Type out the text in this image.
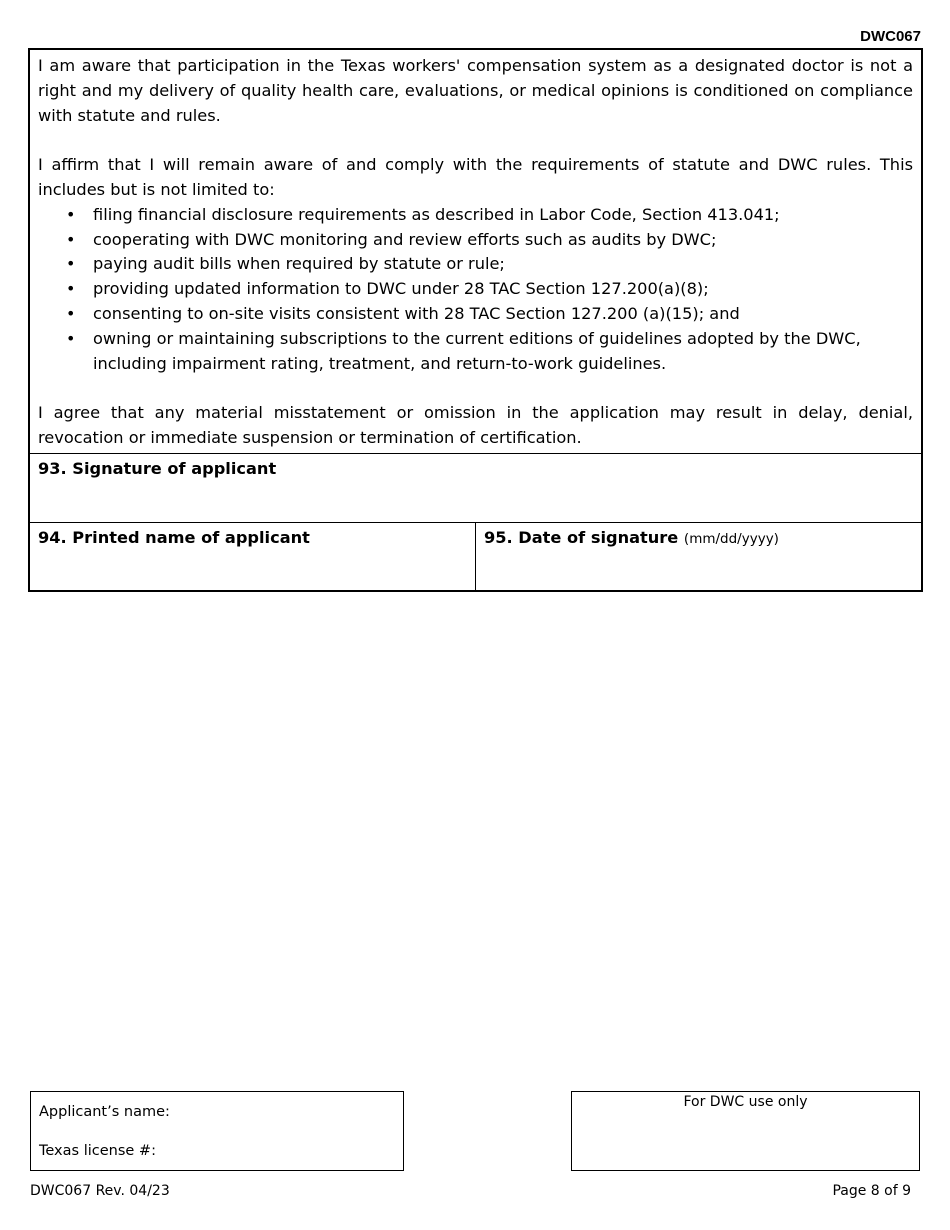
DWC067

I am aware that participation in the Texas workers' compensation system as a designated doctor is not a right and my delivery of quality health care, evaluations, or medical opinions is conditioned on compliance with statute and rules.

I affirm that I will remain aware of and comply with the requirements of statute and DWC rules. This includes but is not limited to:

• filing financial disclosure requirements as described in Labor Code, Section 413.041;
• cooperating with DWC monitoring and review efforts such as audits by DWC;
• paying audit bills when required by statute or rule;
• providing updated information to DWC under 28 TAC Section 127.200(a)(8);
• consenting to on-site visits consistent with 28 TAC Section 127.200 (a)(15); and
• owning or maintaining subscriptions to the current editions of guidelines adopted by the DWC, including impairment rating, treatment, and return-to-work guidelines.

I agree that any material misstatement or omission in the application may result in delay, denial, revocation or immediate suspension or termination of certification.

93. Signature of applicant
94. Printed name of applicant	95. Date of signature (mm/dd/yyyy)
Applicant’s name:
Texas license #:
For DWC use only
DWC067 Rev. 04/23	Page 8 of 9
